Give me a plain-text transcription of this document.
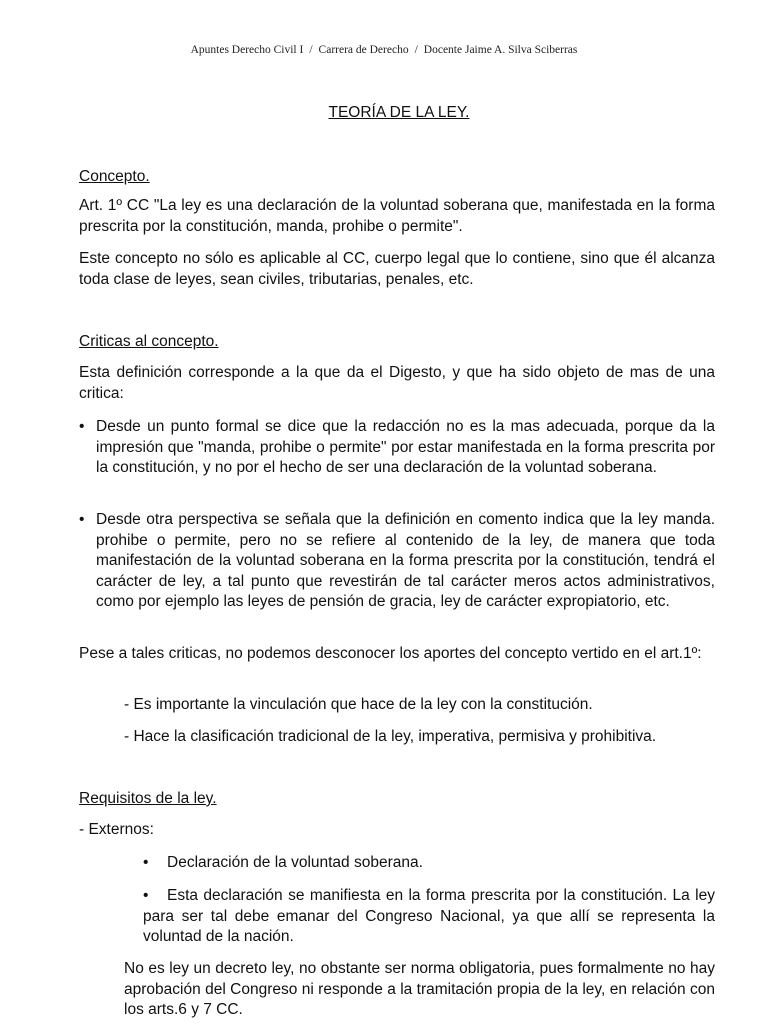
Apuntes Derecho Civil I / Carrera de Derecho / Docente Jaime A. Silva Sciberras
TEORÍA DE LA LEY.
Concepto.
Art. 1º CC "La ley es una declaración de la voluntad soberana que, manifestada en la forma prescrita por la constitución, manda, prohibe o permite".
Este concepto no sólo es aplicable al CC, cuerpo legal que lo contiene, sino que él alcanza toda clase de leyes, sean civiles, tributarias, penales, etc.
Criticas al concepto.
Esta definición corresponde a la que da el Digesto, y que ha sido objeto de mas de una critica:
• Desde un punto formal se dice que la redacción no es la mas adecuada, porque da la impresión que "manda, prohibe o permite" por estar manifestada en la forma prescrita por la constitución, y no por el hecho de ser una declaración de la voluntad soberana.
• Desde otra perspectiva se señala que la definición en comento indica que la ley manda. prohibe o permite, pero no se refiere al contenido de la ley, de manera que toda manifestación de la voluntad soberana en la forma prescrita por la constitución, tendrá el carácter de ley, a tal punto que revestirán de tal carácter meros actos administrativos, como por ejemplo las leyes de pensión de gracia, ley de carácter expropiatorio, etc.
Pese a tales criticas, no podemos desconocer los aportes del concepto vertido en el art.1º:
- Es importante la vinculación que hace de la ley con la constitución.
- Hace la clasificación tradicional de la ley, imperativa, permisiva y prohibitiva.
Requisitos de la ley.
- Externos:
•	Declaración de la voluntad soberana.
•	Esta declaración se manifiesta en la forma prescrita por la constitución. La ley para ser tal debe emanar del Congreso Nacional, ya que allí se representa la voluntad de la nación.
No es ley un decreto ley, no obstante ser norma obligatoria, pues formalmente no hay aprobación del Congreso ni responde a la tramitación propia de la ley, en relación con los arts.6 y 7 CC.
